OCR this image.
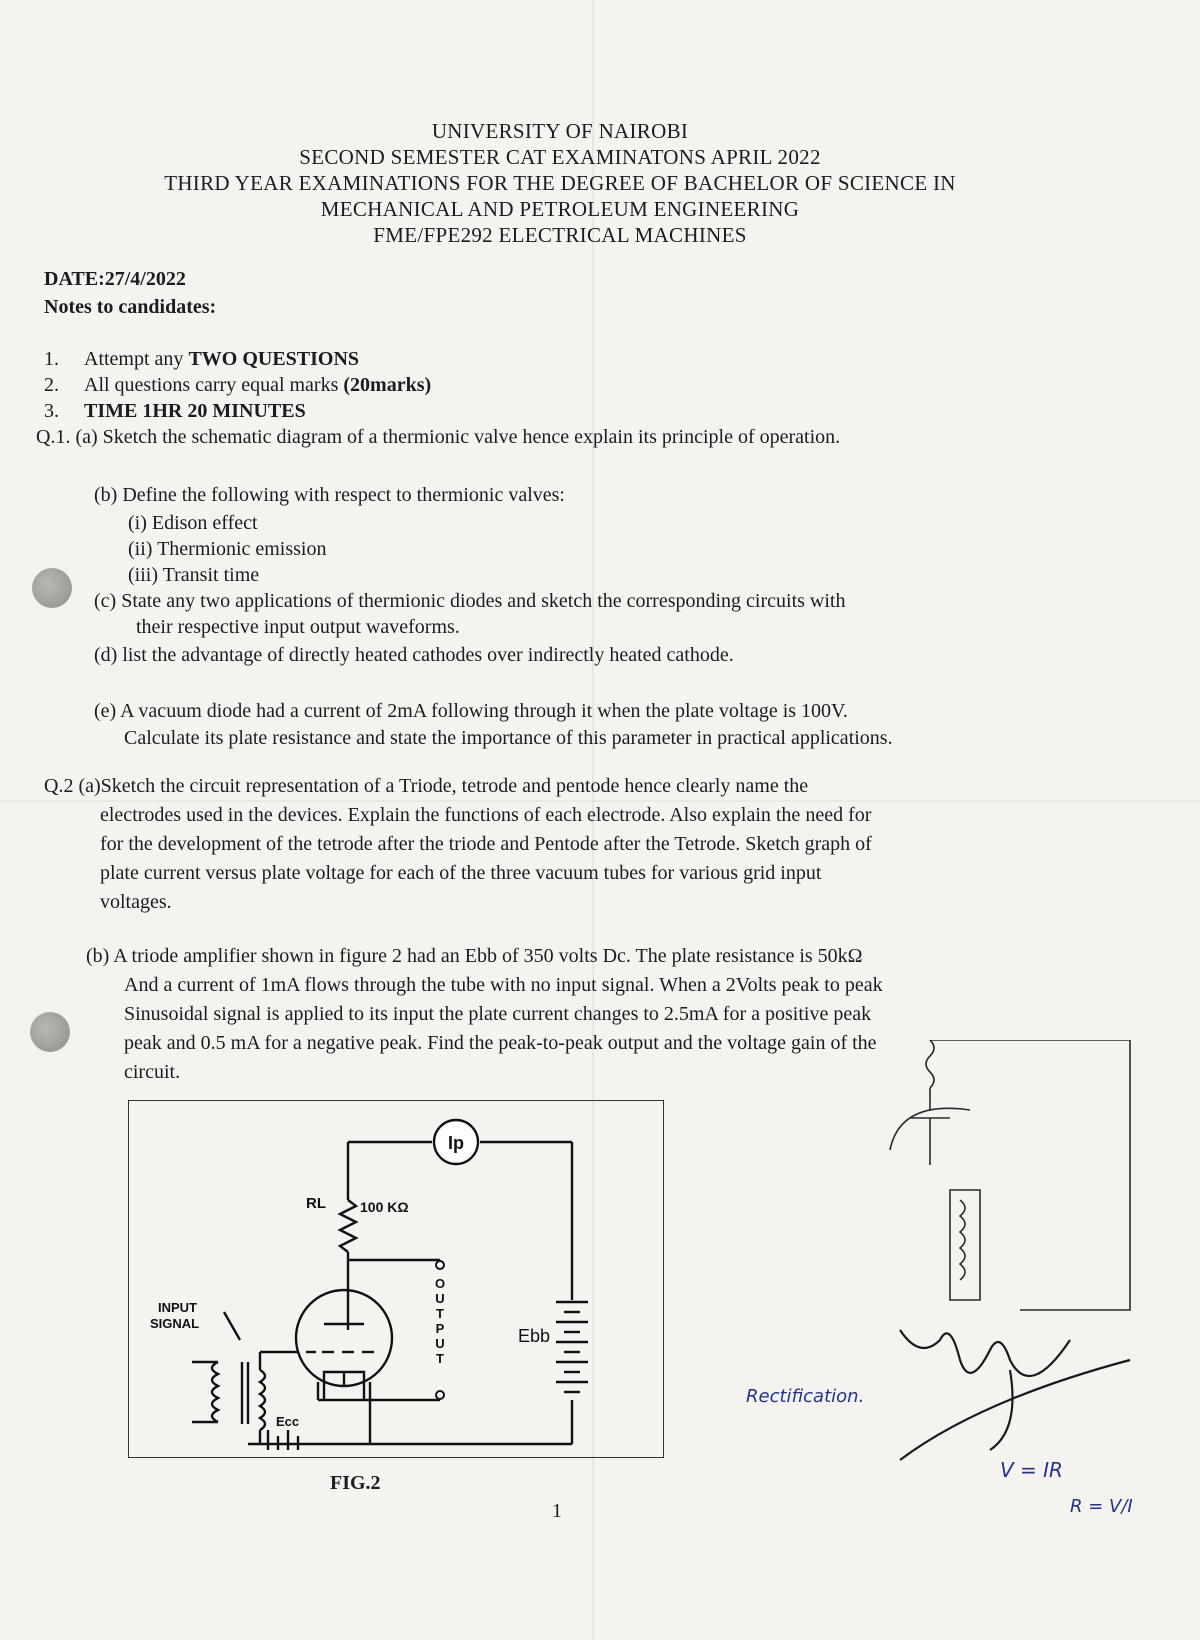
UNIVERSITY OF NAIROBI
SECOND SEMESTER CAT EXAMINATONS APRIL 2022
THIRD YEAR EXAMINATIONS FOR THE DEGREE OF BACHELOR OF SCIENCE IN
MECHANICAL AND PETROLEUM ENGINEERING
FME/FPE292 ELECTRICAL MACHINES
DATE:27/4/2022
Notes to candidates:
1. Attempt any TWO QUESTIONS
2. All questions carry equal marks (20marks)
3. TIME 1HR 20 MINUTES
Q.1. (a) Sketch the schematic diagram of a thermionic valve hence explain its principle of operation.
(b) Define the following with respect to thermionic valves:
(i) Edison effect
(ii) Thermionic emission
(iii) Transit time
(c) State any two applications of thermionic diodes and sketch the corresponding circuits with
their respective input output waveforms.
(d) list the advantage of directly heated cathodes over indirectly heated cathode.
(e) A vacuum diode had a current of 2mA following through it when the plate voltage is 100V.
Calculate its plate resistance and state the importance of this parameter in practical applications.
Q.2 (a)Sketch the circuit representation of a Triode, tetrode and pentode hence clearly name the
electrodes used in the devices. Explain the functions of each electrode. Also explain the need for
for the development of the tetrode after the triode and Pentode after the Tetrode. Sketch graph of
plate current versus plate voltage for each of the three vacuum tubes for various grid input
voltages.
(b) A triode amplifier shown in figure 2 had an Ebb of 350 volts Dc. The plate resistance is 50kΩ
And a current of 1mA flows through the tube with no input signal. When a 2Volts peak to peak
Sinusoidal signal is applied to its input the plate current changes to 2.5mA for a positive peak
peak and 0.5 mA for a negative peak. Find the peak-to-peak output and the voltage gain of the
circuit.
Ip
O
U
T
P
U
T
Ebb
RL 100 KΩ
INPUT
SIGNAL
Ecc
FIG.2
1
Rectification.
V = IR
R = V/I
